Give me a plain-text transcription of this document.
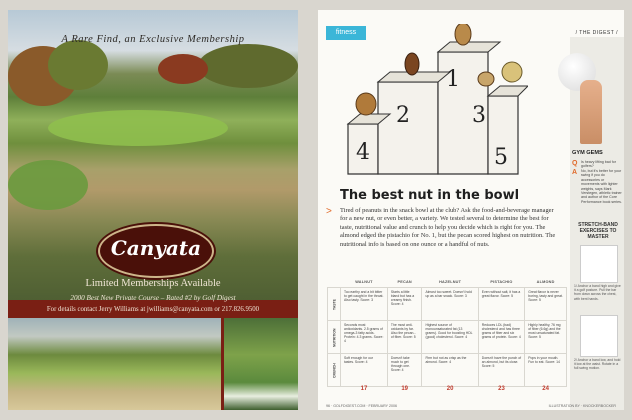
A Rare Find, an Exclusive Membership
Canyata
Limited Memberships Available
2000 Best New Private Course – Rated #2 by Golf Digest
For details contact Jerry Williams at jwilliams@canyata.com or 217.826.9500
fitness	/ THE DIGEST /
4
2
1
3
5
The best nut in the bowl
> Tired of peanuts in the snack bowl at the club? Ask the food-and-beverage manager for a new nut, or even better, a variety. We tested several to determine the best for taste, nutritional value and crunch to help you decide which is right for you. The almond edged the pistachio for No. 1, but the pecan scored highest on nutrition. The nutritional info is based on one ounce or a handful of nuts.
	WALNUT	PECAN	HAZELNUT	PISTACHIO	ALMOND
TASTE	Too earthy and a bit bitter to get caught in the throat. Also tasty. Score: 3	Starts a little bland but has a creamy finish. Score: 4	Almost too sweet. Doesn't hold up as a bar snack. Score: 3	Even without salt, it has a great flavor. Score: 5	Great flavor is never boring, tasty and great. Score: 5
NUTRITION	Seconds most antioxidants. 2.5 grams of omega-3 fatty acids. Protein: 4.3 grams. Score: 4	The most anti-oxidants by far. Also the pecan... of fiber. Score: 5	Highest source of monounsaturated fat (13 grams). Good for boosting HDL (good) cholesterol. Score: 4	Reduces LDL (bad) cholesterol and has three grams of fiber and six grams of protein. Score: 4	Highly healthy, 76 mg of fiber (6.6g) and the most unsaturated fat. Score: 5
CRUNCH	Soft enough for our tastes. Score: 4	Doesn't take much to get through one. Score: 4	Firm but not as crisp as the almond. Score: 4	Doesn't have the punch of an almond, but its close. Score: 5	Pops in your mouth. Fun to eat. Score: 14
	17	19	20	23	24
GYM GEMS
Q Is heavy lifting bad for golfers?
A No, but it's better for your swing if you do accessories or movements with lighter weights, says Mark Verstegen, athletic trainer and author of the Core Performance book series.
STRETCH-BAND EXERCISES TO MASTER
1/ Anchor a band high and give it a golf posture. Pull the bar from down across the chest, with bent hands.
2/ Anchor a band low, and hold it low at the waist. Rotate in a full swing motion.
96 · GOLFDIGEST.COM · FEBRUARY 2006	ILLUSTRATION BY · KNOCKERBOCKER
